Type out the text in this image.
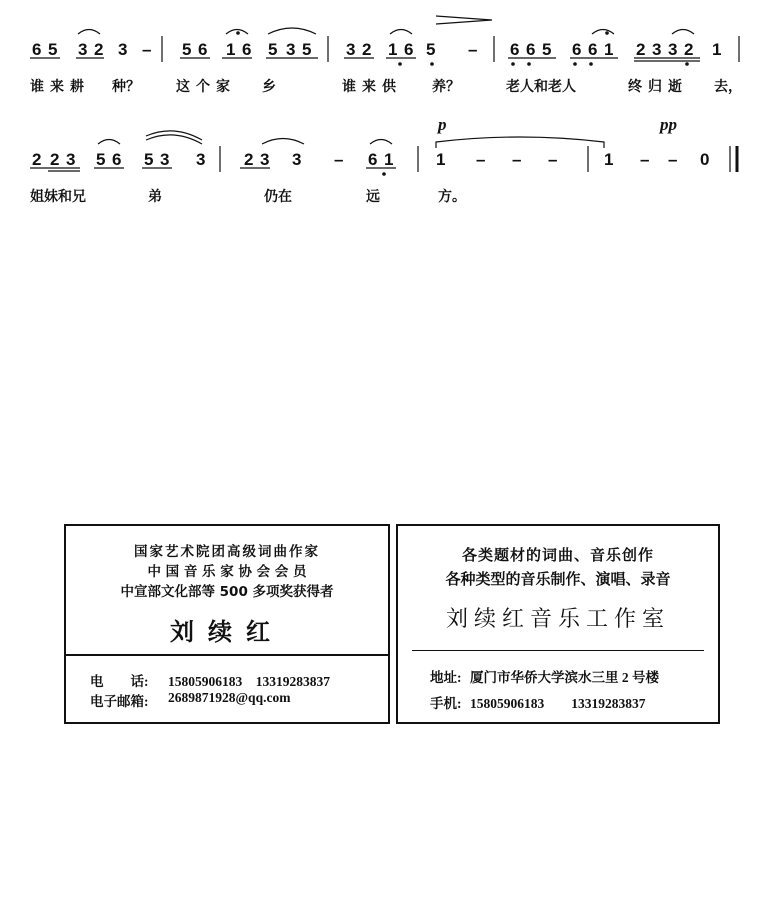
6 5 3 2 3 – 5 6 1 6 5 3 5 3 2 1 6 5 – 6 6 5 6 6 1 2 3 3 2 1
2 2 3 5 6 5 3 3 2 3 3 – 6 1	1 – – –	1 – – 0
p	pp
谁来耕 种？	这个家 乡	谁来供 养？	老人和老人	终归逝 去，
姐妹和兄	弟	仍在	远	方。
国家艺术院团高级词曲作家
中 国 音 乐 家 协 会 会 员
中宣部文化部等 500 多项奖获得者
刘续红
电　　话: 15805906183　13319283837
电子邮箱: 2689871928@qq.com
各类题材的词曲、音乐创作
各种类型的音乐制作、演唱、录音
刘续红音乐工作室
地址: 厦门市华侨大学滨水三里 2 号楼
手机: 15805906183　　13319283837
